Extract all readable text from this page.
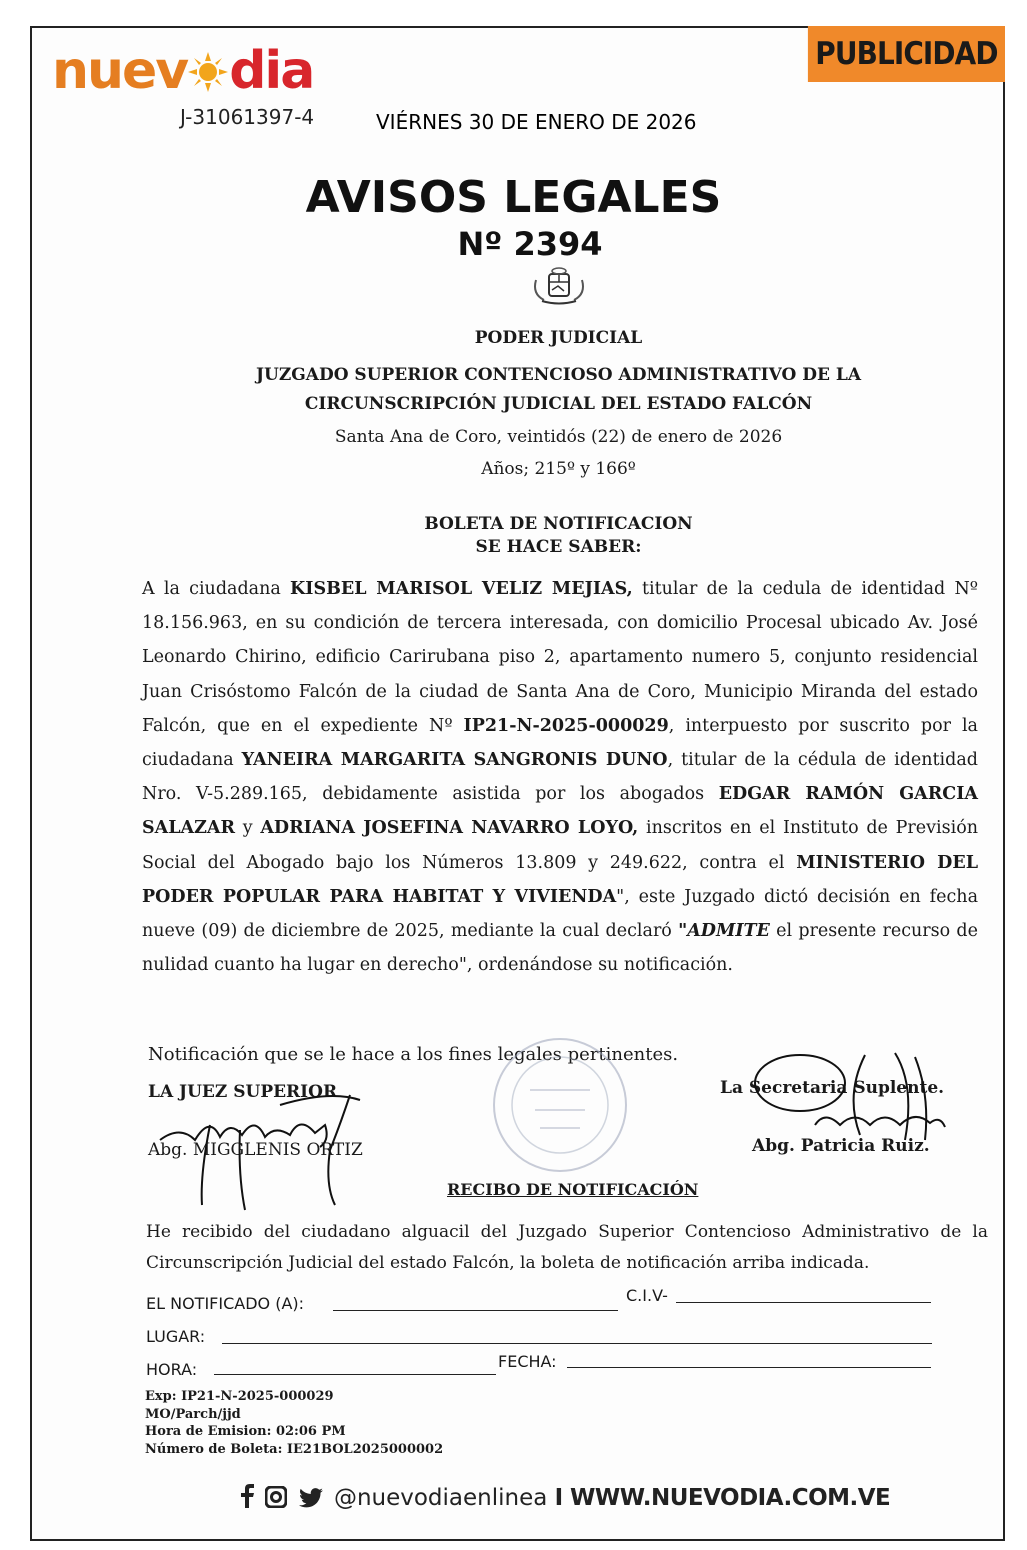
nuev dia
J-31061397-4	VIÉRNES 30 DE ENERO DE 2026
PUBLICIDAD
AVISOS LEGALES
Nº 2394
PODER JUDICIAL
JUZGADO SUPERIOR CONTENCIOSO ADMINISTRATIVO DE LA
CIRCUNSCRIPCIÓN JUDICIAL DEL ESTADO FALCÓN
Santa Ana de Coro, veintidós (22) de enero de 2026
Años; 215º y 166º
BOLETA DE NOTIFICACION
SE HACE SABER:

A la ciudadana KISBEL MARISOL VELIZ MEJIAS, titular de la cedula de identidad Nº 18.156.963, en su condición de tercera interesada, con domicilio Procesal ubicado Av. José Leonardo Chirino, edificio Carirubana piso 2, apartamento numero 5, conjunto residencial Juan Crisóstomo Falcón de la ciudad de Santa Ana de Coro, Municipio Miranda del estado Falcón, que en el expediente Nº IP21-N-2025-000029, interpuesto por suscrito por la ciudadana YANEIRA MARGARITA SANGRONIS DUNO, titular de la cédula de identidad Nro. V-5.289.165, debidamente asistida por los abogados EDGAR RAMÓN GARCIA SALAZAR y ADRIANA JOSEFINA NAVARRO LOYO, inscritos en el Instituto de Previsión Social del Abogado bajo los Números 13.809 y 249.622, contra el MINISTERIO DEL PODER POPULAR PARA HABITAT Y VIVIENDA", este Juzgado dictó decisión en fecha nueve (09) de diciembre de 2025, mediante la cual declaró "ADMITE el presente recurso de nulidad cuanto ha lugar en derecho", ordenándose su notificación.

Notificación que se le hace a los fines legales pertinentes.
LA JUEZ SUPERIOR
Abg. MIGGLENIS ORTIZ
La Secretaria Suplente.
Abg. Patricia Ruiz.
RECIBO DE NOTIFICACIÓN

He recibido del ciudadano alguacil del Juzgado Superior Contencioso Administrativo de la Circunscripción Judicial del estado Falcón, la boleta de notificación arriba indicada.

EL NOTIFICADO (A):	C.I.V-
LUGAR:
HORA:	FECHA:
Exp: IP21-N-2025-000029
MO/Parch/jjd
Hora de Emision: 02:06 PM
Número de Boleta: IE21BOL2025000002
@nuevodiaenlinea I WWW.NUEVODIA.COM.VE
